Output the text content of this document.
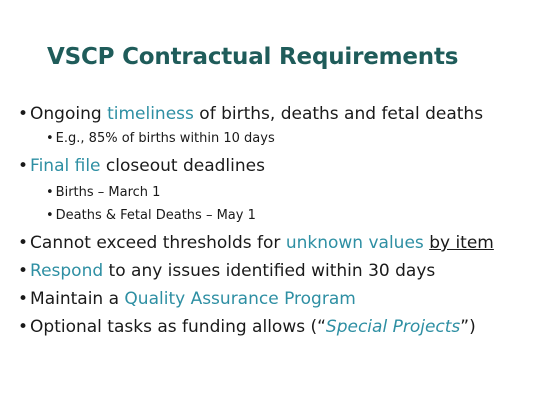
VSCP Contractual Requirements
• Ongoing timeliness of births, deaths and fetal deaths
• E.g., 85% of births within 10 days
• Final file closeout deadlines
• Births – March 1
• Deaths & Fetal Deaths – May 1
• Cannot exceed thresholds for unknown values by item
• Respond to any issues identified within 30 days
• Maintain a Quality Assurance Program
• Optional tasks as funding allows (“Special Projects”)
